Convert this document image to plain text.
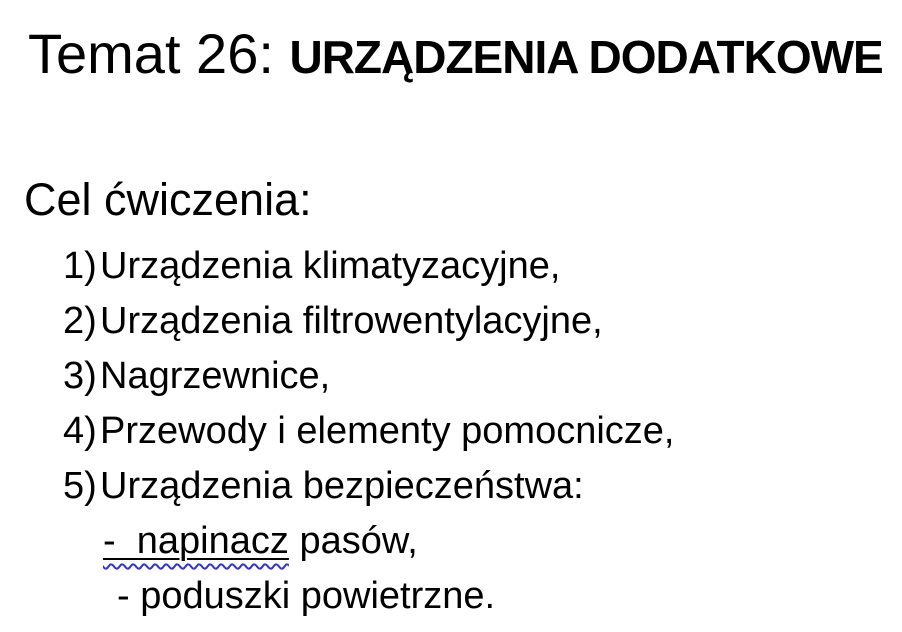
Temat 26: URZĄDZENIA DODATKOWE
Cel ćwiczenia:
1)Urządzenia klimatyzacyjne,
2)Urządzenia filtrowentylacyjne,
3)Nagrzewnice,
4)Przewody i elementy pomocnicze,
5)Urządzenia bezpieczeństwa:
-  napinacz pasów,
- poduszki powietrzne.
